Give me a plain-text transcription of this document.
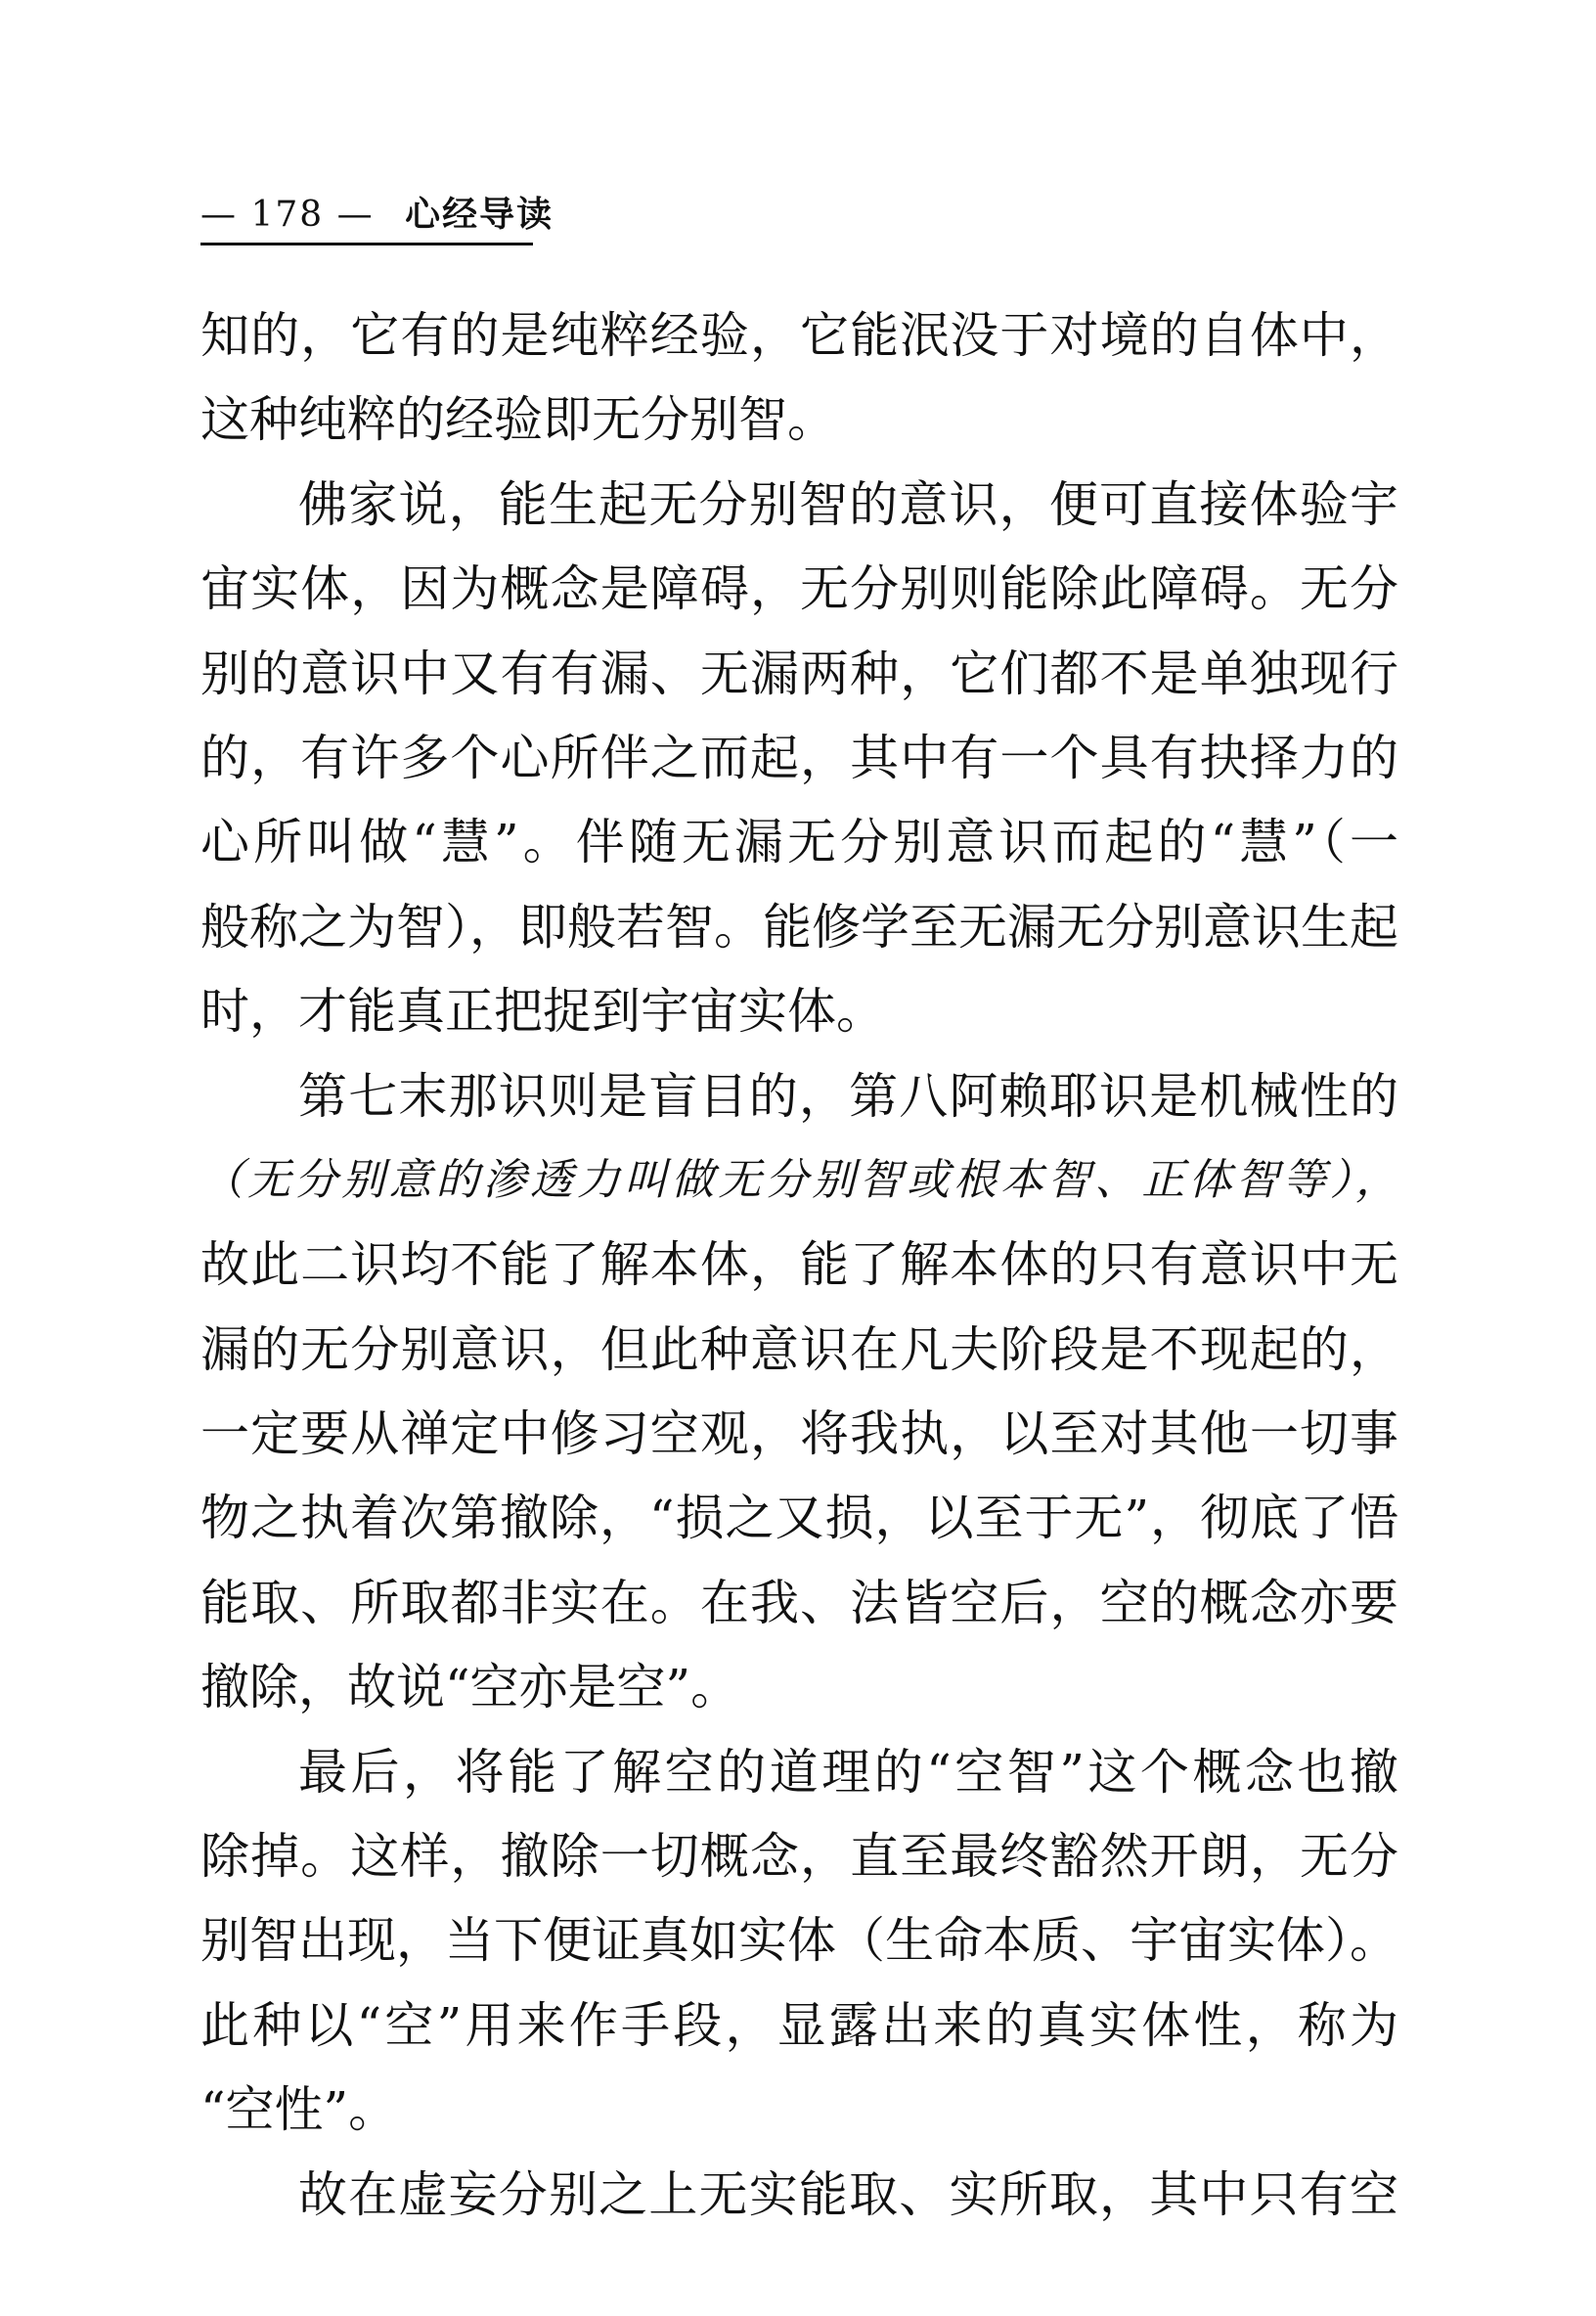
— 178 — 心经导读
知的，它有的是纯粹经验，它能泯没于对境的自体中，
这种纯粹的经验即无分别智。
佛家说，能生起无分别智的意识，便可直接体验宇
宙实体，因为概念是障碍，无分别则能除此障碍。无分
别的意识中又有有漏、无漏两种，它们都不是单独现行
的，有许多个心所伴之而起，其中有一个具有抉择力的
心所叫做“慧”。伴随无漏无分别意识而起的“慧”（一
般称之为智），即般若智。能修学至无漏无分别意识生起
时，才能真正把捉到宇宙实体。
第七末那识则是盲目的，第八阿赖耶识是机械性的
（无分别意的渗透力叫做无分别智或根本智、正体智等），
故此二识均不能了解本体，能了解本体的只有意识中无
漏的无分别意识，但此种意识在凡夫阶段是不现起的，
一定要从禅定中修习空观，将我执，以至对其他一切事
物之执着次第撤除，“损之又损，以至于无”，彻底了悟
能取、所取都非实在。在我、法皆空后，空的概念亦要
撤除，故说“空亦是空”。
最后，将能了解空的道理的“空智”这个概念也撤
除掉。这样，撤除一切概念，直至最终豁然开朗，无分
别智出现，当下便证真如实体（生命本质、宇宙实体）。
此种以“空”用来作手段，显露出来的真实体性，称为
“空性”。
故在虚妄分别之上无实能取、实所取，其中只有空
